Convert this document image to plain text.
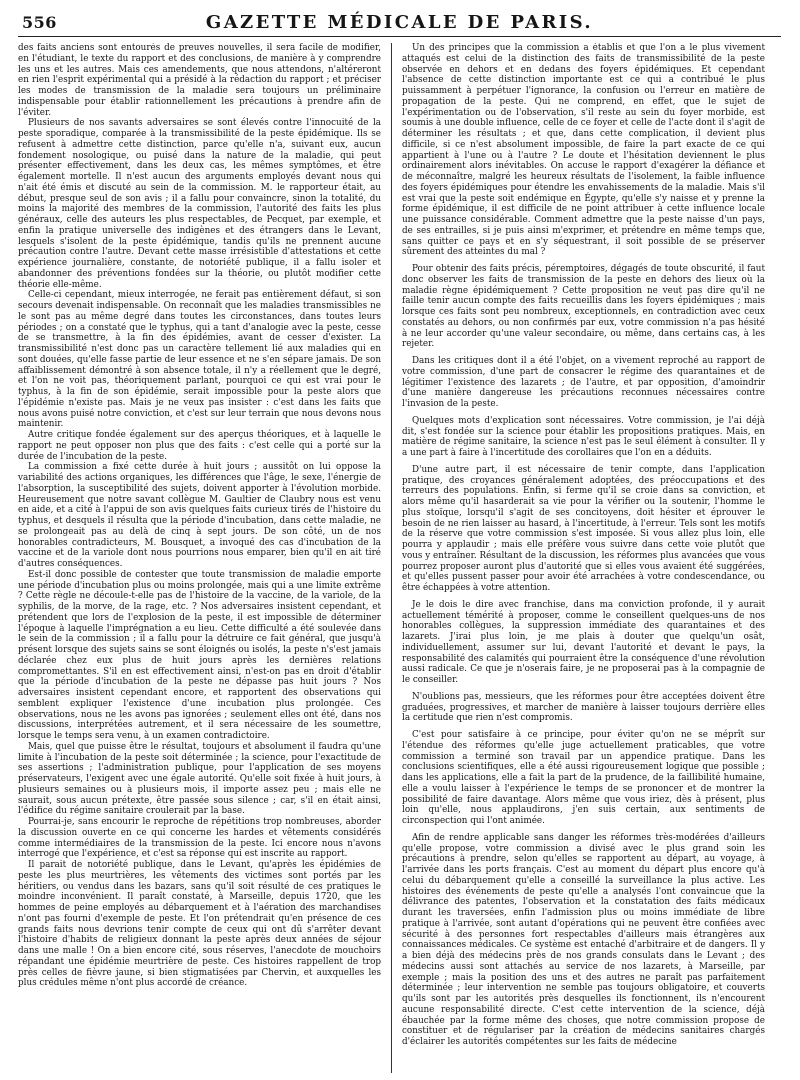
556	GAZETTE MÉDICALE DE PARIS.

des faits anciens sont entourés de preuves nouvelles, il sera facile de modifier, en l'étudiant, le texte du rapport et des conclusions, de manière à y comprendre les uns et les autres. Mais ces amendements, que nous attendons, n'altéreront en rien l'esprit expérimental qui a présidé à la rédaction du rapport ; et préciser les modes de transmission de la maladie sera toujours un préliminaire indispensable pour établir rationnellement les précautions à prendre afin de l'éviter.

Plusieurs de nos savants adversaires se sont élevés contre l'innocuité de la peste sporadique, comparée à la transmissibilité de la peste épidémique. Ils se refusent à admettre cette distinction, parce qu'elle n'a, suivant eux, aucun fondement nosologique, ou puisé dans la nature de la maladie, qui peut présenter effectivement, dans les deux cas, les mêmes symptômes, et être également mortelle. Il n'est aucun des arguments employés devant nous qui n'ait été émis et discuté au sein de la commission. M. le rapporteur était, au début, presque seul de son avis ; il a fallu pour convaincre, sinon la totalité, du moins la majorité des membres de la commission, l'autorité des faits les plus généraux, celle des auteurs les plus respectables, de Pecquet, par exemple, et enfin la pratique universelle des indigènes et des étrangers dans le Levant, lesquels s'isolent de la peste épidémique, tandis qu'ils ne prennent aucune précaution contre l'autre. Devant cette masse irrésistible d'attestations et cette expérience journalière, constante, de notoriété publique, il a fallu isoler et abandonner des préventions fondées sur la théorie, ou plutôt modifier cette théorie elle-même.

Celle-ci cependant, mieux interrogée, ne ferait pas entièrement défaut, si son secours devenait indispensable. On reconnaît que les maladies transmissibles ne le sont pas au même degré dans toutes les circonstances, dans toutes leurs périodes ; on a constaté que le typhus, qui a tant d'analogie avec la peste, cesse de se transmettre, à la fin des épidémies, avant de cesser d'exister. La transmissibilité n'est donc pas un caractère tellement lié aux maladies qui en sont douées, qu'elle fasse partie de leur essence et ne s'en sépare jamais. De son affaiblissement démontré à son absence totale, il n'y a réellement que le degré, et l'on ne voit pas, théoriquement parlant, pourquoi ce qui est vrai pour le typhus, à la fin de son épidémie, serait impossible pour la peste alors que l'épidémie n'existe pas. Mais je ne veux pas insister : c'est dans les faits que nous avons puisé notre conviction, et c'est sur leur terrain que nous devons nous maintenir.

Autre critique fondée également sur des aperçus théoriques, et à laquelle le rapport ne peut opposer non plus que des faits : c'est celle qui a porté sur la durée de l'incubation de la peste.

La commission a fixé cette durée à huit jours ; aussitôt on lui oppose la variabilité des actions organiques, les différences que l'âge, le sexe, l'énergie de l'absorption, la susceptibilité des sujets, doivent apporter à l'évolution morbide. Heureusement que notre savant collègue M. Gaultier de Claubry nous est venu en aide, et a cité à l'appui de son avis quelques faits curieux tirés de l'histoire du typhus, et desquels il résulta que la période d'incubation, dans cette maladie, ne se prolongeait pas au delà de cinq à sept jours. De son côté, un de nos honorables contradicteurs, M. Bousquet, a invoqué des cas d'incubation de la vaccine et de la variole dont nous pourrions nous emparer, bien qu'il en ait tiré d'autres conséquences.

Est-il donc possible de contester que toute transmission de maladie emporte une période d'incubation plus ou moins prolongée, mais qui a une limite extrême ? Cette règle ne découle-t-elle pas de l'histoire de la vaccine, de la variole, de la syphilis, de la morve, de la rage, etc. ? Nos adversaires insistent cependant, et prétendent que lors de l'explosion de la peste, il est impossible de déterminer l'époque à laquelle l'imprégnation a eu lieu. Cette difficulté a été soulevée dans le sein de la commission ; il a fallu pour la détruire ce fait général, que jusqu'à présent lorsque des sujets sains se sont éloignés ou isolés, la peste n's'est jamais déclarée chez eux plus de huit jours après les dernières relations compromettantes. S'il en est effectivement ainsi, n'est-on pas en droit d'établir que la période d'incubation de la peste ne dépasse pas huit jours ? Nos adversaires insistent cependant encore, et rapportent des observations qui semblent expliquer l'existence d'une incubation plus prolongée. Ces observations, nous ne les avons pas ignorées ; seulement elles ont été, dans nos discussions, interprétées autrement, et il sera nécessaire de les soumettre, lorsque le temps sera venu, à un examen contradictoire.

Mais, quel que puisse être le résultat, toujours et absolument il faudra qu'une limite à l'incubation de la peste soit déterminée ; la science, pour l'exactitude de ses assertions ; l'administration publique, pour l'application de ses moyens préservateurs, l'exigent avec une égale autorité. Qu'elle soit fixée à huit jours, à plusieurs semaines ou à plusieurs mois, il importe assez peu ; mais elle ne saurait, sous aucun prétexte, être passée sous silence ; car, s'il en était ainsi, l'édifice du régime sanitaire croulerait par la base.

Pourrai-je, sans encourir le reproche de répétitions trop nombreuses, aborder la discussion ouverte en ce qui concerne les hardes et vêtements considérés comme intermédiaires de la transmission de la peste. Ici encore nous n'avons interrogé que l'expérience, et c'est sa réponse qui est inscrite au rapport.

Il parait de notoriété publique, dans le Levant, qu'après les épidémies de peste les plus meurtrières, les vêtements des victimes sont portés par les héritiers, ou vendus dans les bazars, sans qu'il soit résulté de ces pratiques le moindre inconvénient. Il paraît constaté, à Marseille, depuis 1720, que les hommes de peine employés au débarquement et à l'aération des marchandises n'ont pas fourni d'exemple de peste. Et l'on prétendrait qu'en présence de ces grands faits nous devrions tenir compte de ceux qui ont dû s'arrêter devant l'histoire d'habits de religieux donnant la peste après deux années de séjour dans une malle ! On a bien encore cité, sous réserves, l'anecdote de mouchoirs répandant une épidémie meurtrière de peste. Ces histoires rappellent de trop près celles de fièvre jaune, si bien stigmatisées par Chervin, et auxquelles les plus crédules même n'ont plus accordé de créance.

Un des principes que la commission a établis et que l'on a le plus vivement attaqués est celui de la distinction des faits de transmissibilité de la peste observée en dehors et en dedans des foyers épidémiques. Et cependant l'absence de cette distinction importante est ce qui a contribué le plus puissamment à perpétuer l'ignorance, la confusion ou l'erreur en matière de propagation de la peste. Qui ne comprend, en effet, que le sujet de l'expérimentation ou de l'observation, s'il reste au sein du foyer morbide, est soumis à une double influence, celle de ce foyer et celle de l'acte dont il s'agit de déterminer les résultats ; et que, dans cette complication, il devient plus difficile, si ce n'est absolument impossible, de faire la part exacte de ce qui appartient à l'une ou à l'autre ? Le doute et l'hésitation deviennent le plus ordinairement alors inévitables. On accuse le rapport d'exagérer la défiance et de méconnaître, malgré les heureux résultats de l'isolement, la faible influence des foyers épidémiques pour étendre les envahissements de la maladie. Mais s'il est vrai que la peste soit endémique en Égypte, qu'elle s'y naisse et y prenne la forme épidémique, il est difficile de ne point attribuer à cette influence locale une puissance considérable. Comment admettre que la peste naisse d'un pays, de ses entrailles, si je puis ainsi m'exprimer, et prétendre en même temps que, sans quitter ce pays et en s'y séquestrant, il soit possible de se préserver sûrement des atteintes du mal ?

Pour obtenir des faits précis, péremptoires, dégagés de toute obscurité, il faut donc observer les faits de transmission de la peste en dehors des lieux où la maladie règne épidémiquement ? Cette proposition ne veut pas dire qu'il ne faille tenir aucun compte des faits recueillis dans les foyers épidémiques ; mais lorsque ces faits sont peu nombreux, exceptionnels, en contradiction avec ceux constatés au dehors, ou non confirmés par eux, votre commission n'a pas hésité à ne leur accorder qu'une valeur secondaire, ou même, dans certains cas, à les rejeter.

Dans les critiques dont il a été l'objet, on a vivement reproché au rapport de votre commission, d'une part de consacrer le régime des quarantaines et de légitimer l'existence des lazarets ; de l'autre, et par opposition, d'amoindrir d'une manière dangereuse les précautions reconnues nécessaires contre l'invasion de la peste.

Quelques mots d'explication sont nécessaires. Votre commission, je l'ai déjà dit, s'est fondée sur la science pour établir les propositions pratiques. Mais, en matière de régime sanitaire, la science n'est pas le seul élément à consulter. Il y a une part à faire à l'incertitude des corollaires que l'on en a déduits.

D'une autre part, il est nécessaire de tenir compte, dans l'application pratique, des croyances généralement adoptées, des préoccupations et des terreurs des populations. Enfin, si ferme qu'il se croie dans sa conviction, et alors même qu'il hasarderait sa vie pour la vérifier ou la soutenir, l'homme le plus stoïque, lorsqu'il s'agit de ses concitoyens, doit hésiter et éprouver le besoin de ne rien laisser au hasard, à l'incertitude, à l'erreur. Tels sont les motifs de la réserve que votre commission s'est imposée. Si vous allez plus loin, elle pourra y applaudir ; mais elle préfère vous suivre dans cette voie plutôt que vous y entraîner. Résultant de la discussion, les réformes plus avancées que vous pourrez proposer auront plus d'autorité que si elles vous avaient été suggérées, et qu'elles pussent passer pour avoir été arrachées à votre condescendance, ou être échappées à votre attention.

Je le dois le dire avec franchise, dans ma conviction profonde, il y aurait actuellement témérité à proposer, comme le conseillent quelques-uns de nos honorables collègues, la suppression immédiate des quarantaines et des lazarets. J'irai plus loin, je me plais à douter que quelqu'un osât, individuellement, assumer sur lui, devant l'autorité et devant le pays, la responsabilité des calamités qui pourraient être la conséquence d'une révolution aussi radicale. Ce que je n'oserais faire, je ne proposerai pas à la compagnie de le conseiller.

N'oublions pas, messieurs, que les réformes pour être acceptées doivent être graduées, progressives, et marcher de manière à laisser toujours derrière elles la certitude que rien n'est compromis.

C'est pour satisfaire à ce principe, pour éviter qu'on ne se méprît sur l'étendue des réformes qu'elle juge actuellement praticables, que votre commission a terminé son travail par un appendice pratique. Dans les conclusions scientifiques, elle a été aussi rigoureusement logique que possible ; dans les applications, elle a fait la part de la prudence, de la faillibilité humaine, elle a voulu laisser à l'expérience le temps de se prononcer et de montrer la possibilité de faire davantage. Alors même que vous iriez, dès à présent, plus loin qu'elle, nous applaudirons, j'en suis certain, aux sentiments de circonspection qui l'ont animée.

Afin de rendre applicable sans danger les réformes très-modérées d'ailleurs qu'elle propose, votre commission a divisé avec le plus grand soin les précautions à prendre, selon qu'elles se rapportent au départ, au voyage, à l'arrivée dans les ports français. C'est au moment du départ plus encore qu'à celui du débarquement qu'elle a conseillé la surveillance la plus active. Les histoires des événements de peste qu'elle a analysés l'ont convaincue que la délivrance des patentes, l'observation et la constatation des faits médicaux durant les traversées, enfin l'admission plus ou moins immédiate de libre pratique à l'arrivée, sont autant d'opérations qui ne peuvent être confiées avec sécurité à des personnes fort respectables d'ailleurs mais étrangères aux connaissances médicales. Ce système est entaché d'arbitraire et de dangers. Il y a bien déjà des médecins près de nos grands consulats dans le Levant ; des médecins aussi sont attachés au service de nos lazarets, à Marseille, par exemple ; mais la position des uns et des autres ne paraît pas parfaitement déterminée ; leur intervention ne semble pas toujours obligatoire, et couverts qu'ils sont par les autorités près desquelles ils fonctionnent, ils n'encourent aucune responsabilité directe. C'est cette intervention de la science, déjà ébauchée par la forme même des choses, que notre commission propose de constituer et de régulariser par la création de médecins sanitaires chargés d'éclairer les autorités compétentes sur les faits de médecine
